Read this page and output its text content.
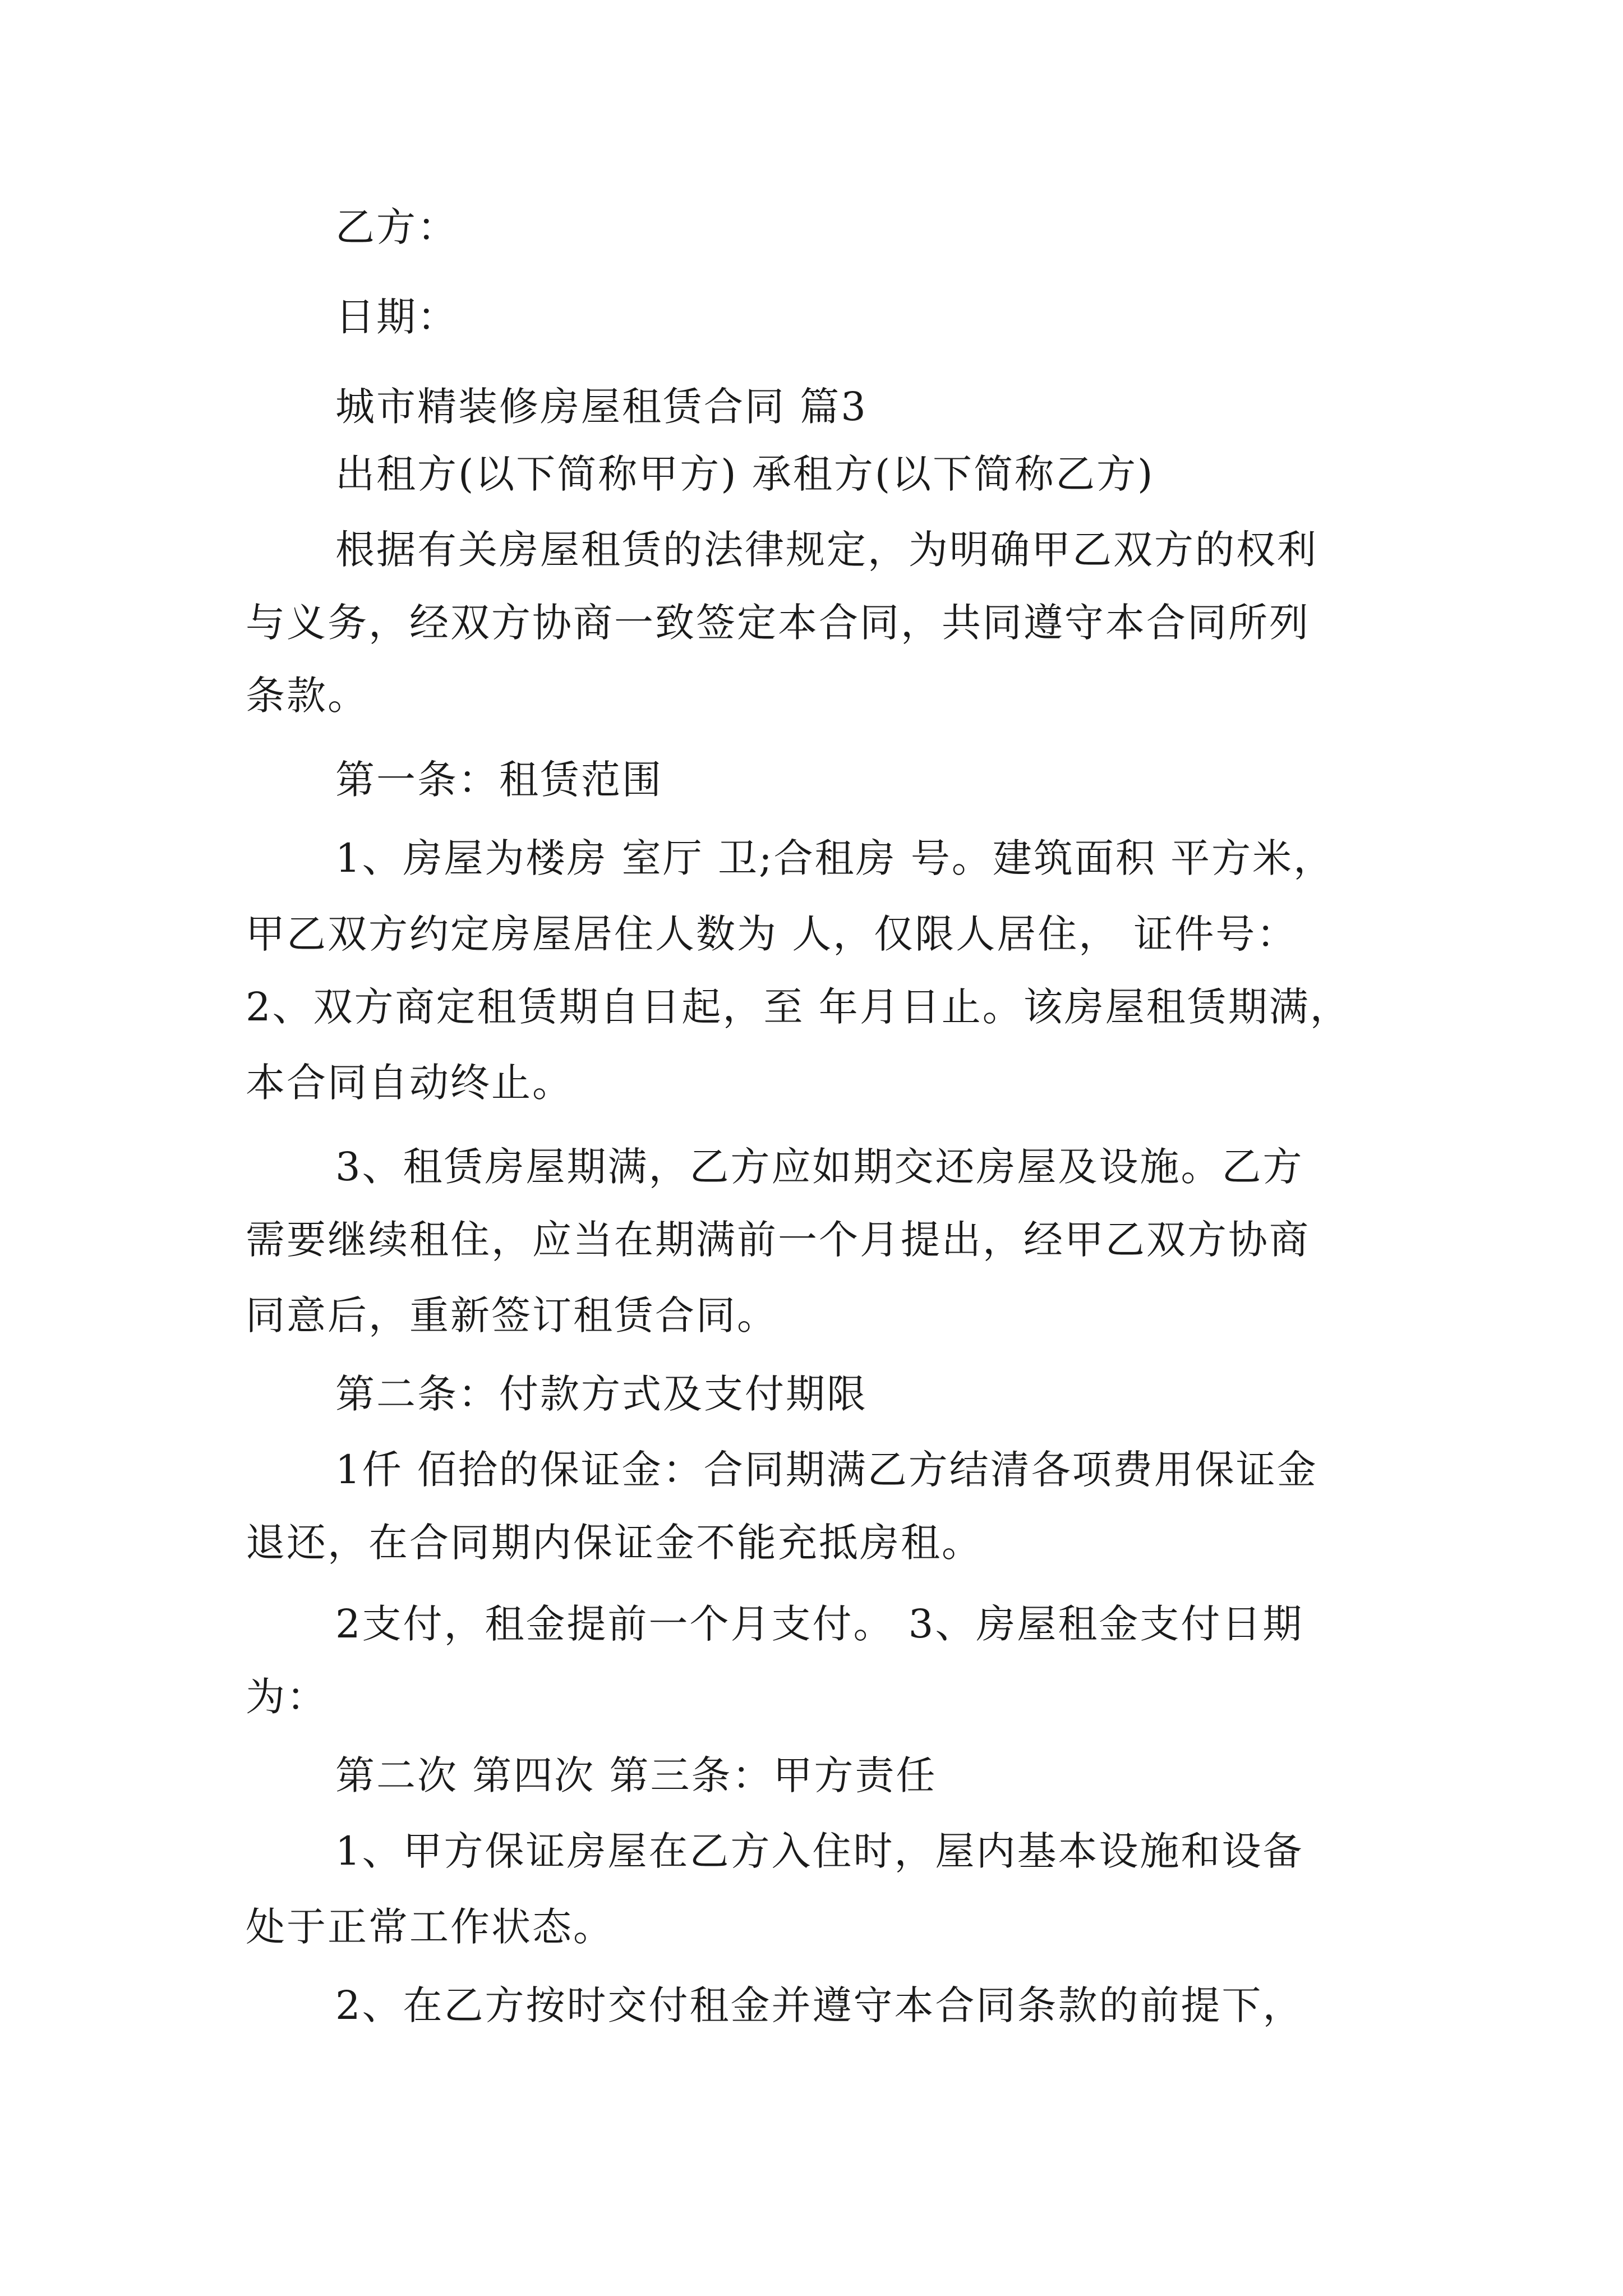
乙方：

日期：

城市精装修房屋租赁合同 篇3

出租方(以下简称甲方) 承租方(以下简称乙方)

根据有关房屋租赁的法律规定，为明确甲乙双方的权利

与义务，经双方协商一致签定本合同，共同遵守本合同所列

条款。

第一条：租赁范围

1、房屋为楼房 室厅 卫;合租房 号。建筑面积 平方米，

甲乙双方约定房屋居住人数为 人，仅限人居住， 证件号：

2、双方商定租赁期自日起，至 年月日止。该房屋租赁期满，

本合同自动终止。

3、租赁房屋期满，乙方应如期交还房屋及设施。乙方

需要继续租住，应当在期满前一个月提出，经甲乙双方协商

同意后，重新签订租赁合同。

第二条：付款方式及支付期限

1仟 佰拾的保证金：合同期满乙方结清各项费用保证金

退还，在合同期内保证金不能充抵房租。

2支付，租金提前一个月支付。 3、房屋租金支付日期

为：

第二次 第四次 第三条：甲方责任

1、甲方保证房屋在乙方入住时，屋内基本设施和设备

处于正常工作状态。

2、在乙方按时交付租金并遵守本合同条款的前提下，
